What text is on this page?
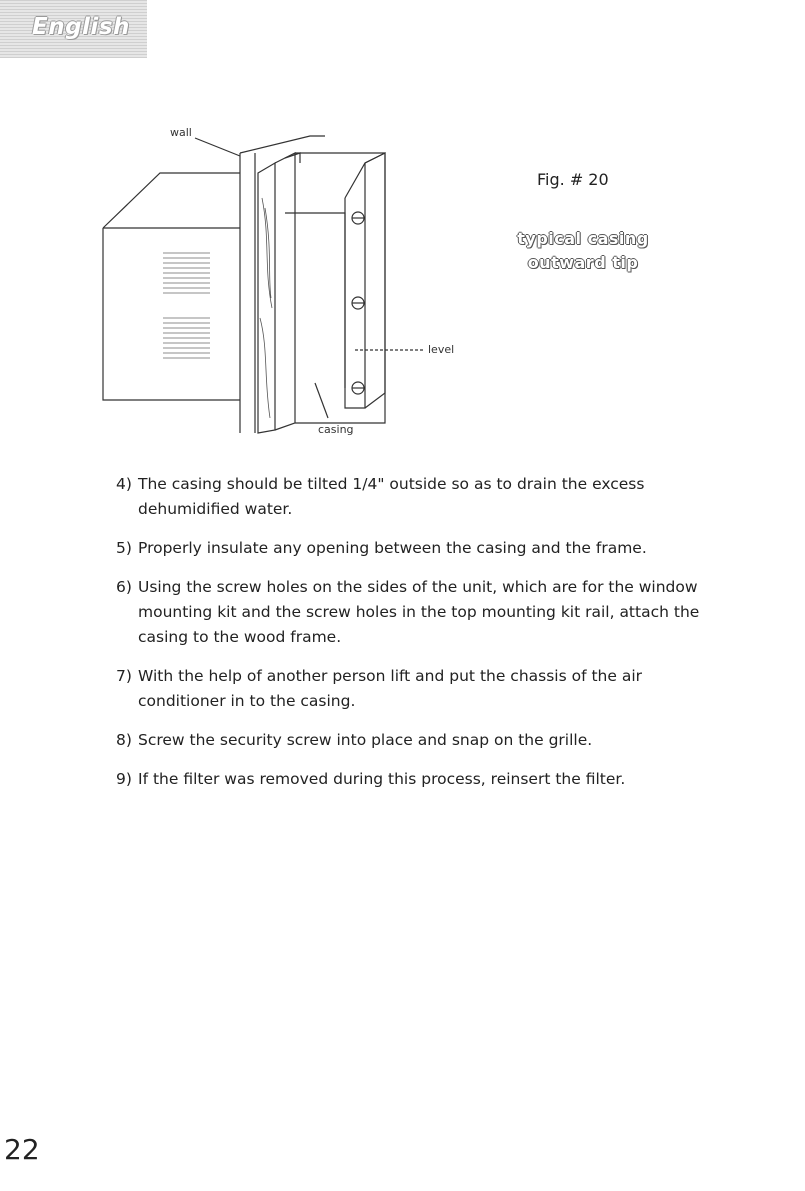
English
wall
level
casing
Fig. # 20
typical casing
outward tip
4) The casing should be tilted 1/4" outside so as to drain the excess dehumidified water.
5) Properly insulate any opening between the casing and the frame.
6) Using the screw holes on the sides of the unit, which are for the window mounting kit and the screw holes in the top mounting kit rail, attach the casing to the wood frame.
7) With the help of another person lift and put the chassis of the air conditioner in to the casing.
8) Screw the security screw into place and snap on the grille.
9) If the filter was removed during this process, reinsert the filter.
22
